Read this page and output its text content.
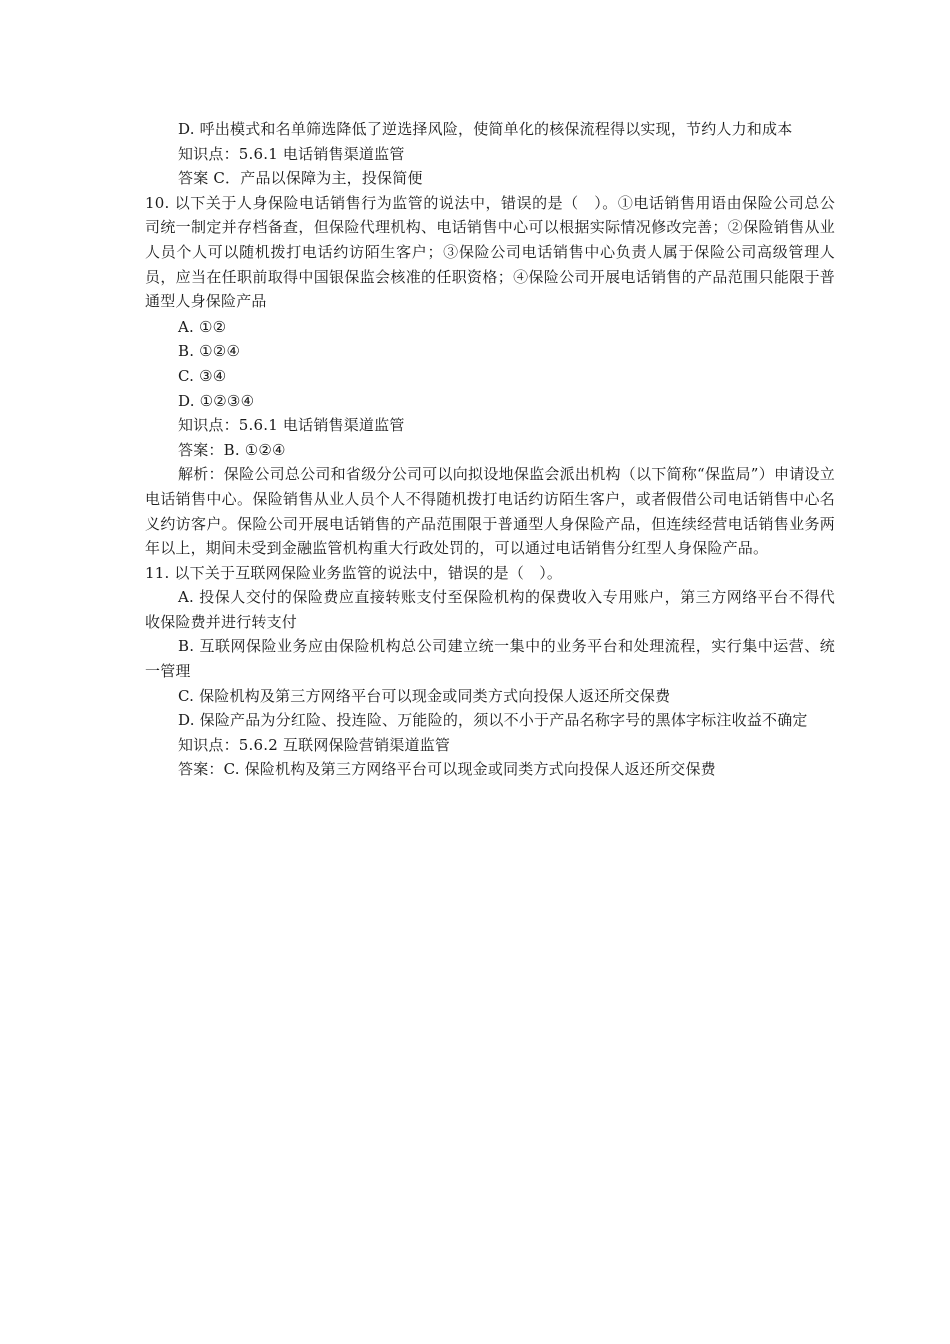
D. 呼出模式和名单筛选降低了逆选择风险，使简单化的核保流程得以实现，节约人力和成本

知识点：5.6.1 电话销售渠道监管

答案 C．产品以保障为主，投保简便

10. 以下关于人身保险电话销售行为监管的说法中，错误的是（　）。①电话销售用语由保险公司总公司统一制定并存档备查，但保险代理机构、电话销售中心可以根据实际情况修改完善；②保险销售从业人员个人可以随机拨打电话约访陌生客户；③保险公司电话销售中心负责人属于保险公司高级管理人员，应当在任职前取得中国银保监会核准的任职资格；④保险公司开展电话销售的产品范围只能限于普通型人身保险产品

A. ①②

B. ①②④

C. ③④

D. ①②③④

知识点：5.6.1 电话销售渠道监管

答案：B. ①②④

解析：保险公司总公司和省级分公司可以向拟设地保监会派出机构（以下简称“保监局”）申请设立电话销售中心。保险销售从业人员个人不得随机拨打电话约访陌生客户，或者假借公司电话销售中心名义约访客户。保险公司开展电话销售的产品范围限于普通型人身保险产品，但连续经营电话销售业务两年以上，期间未受到金融监管机构重大行政处罚的，可以通过电话销售分红型人身保险产品。

11. 以下关于互联网保险业务监管的说法中，错误的是（　）。

A. 投保人交付的保险费应直接转账支付至保险机构的保费收入专用账户，第三方网络平台不得代收保险费并进行转支付

B. 互联网保险业务应由保险机构总公司建立统一集中的业务平台和处理流程，实行集中运营、统一管理

C. 保险机构及第三方网络平台可以现金或同类方式向投保人返还所交保费

D. 保险产品为分红险、投连险、万能险的，须以不小于产品名称字号的黑体字标注收益不确定

知识点：5.6.2 互联网保险营销渠道监管

答案：C. 保险机构及第三方网络平台可以现金或同类方式向投保人返还所交保费
